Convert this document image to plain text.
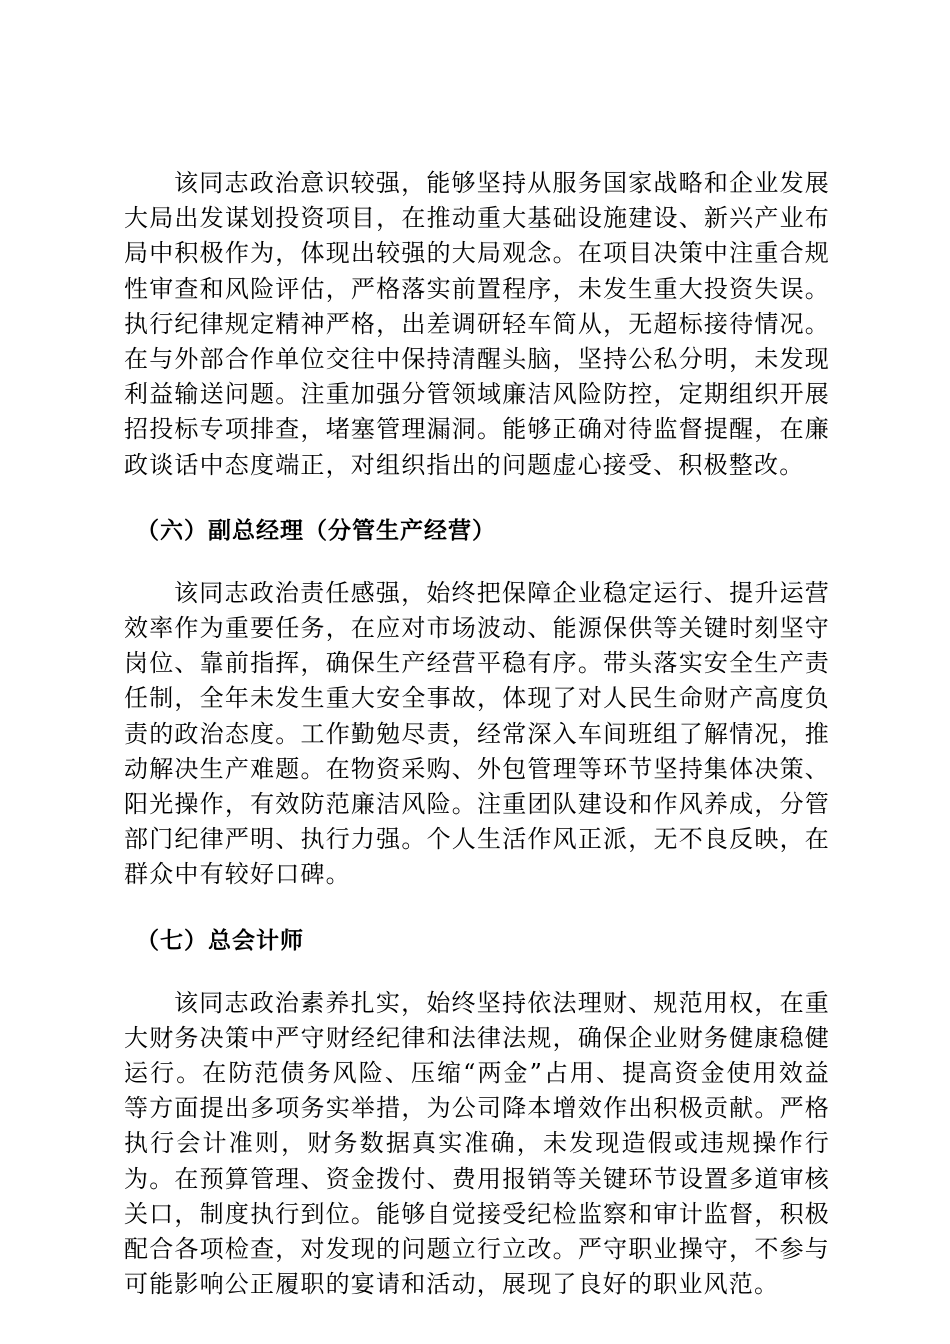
该同志政治意识较强，能够坚持从服务国家战略和企业发展大局出发谋划投资项目，在推动重大基础设施建设、新兴产业布局中积极作为，体现出较强的大局观念。在项目决策中注重合规性审查和风险评估，严格落实前置程序，未发生重大投资失误。执行纪律规定精神严格，出差调研轻车简从，无超标接待情况。在与外部合作单位交往中保持清醒头脑，坚持公私分明，未发现利益输送问题。注重加强分管领域廉洁风险防控，定期组织开展招投标专项排查，堵塞管理漏洞。能够正确对待监督提醒，在廉政谈话中态度端正，对组织指出的问题虚心接受、积极整改。

（六）副总经理（分管生产经营）

该同志政治责任感强，始终把保障企业稳定运行、提升运营效率作为重要任务，在应对市场波动、能源保供等关键时刻坚守岗位、靠前指挥，确保生产经营平稳有序。带头落实安全生产责任制，全年未发生重大安全事故，体现了对人民生命财产高度负责的政治态度。工作勤勉尽责，经常深入车间班组了解情况，推动解决生产难题。在物资采购、外包管理等环节坚持集体决策、阳光操作，有效防范廉洁风险。注重团队建设和作风养成，分管部门纪律严明、执行力强。个人生活作风正派，无不良反映，在群众中有较好口碑。

（七）总会计师

该同志政治素养扎实，始终坚持依法理财、规范用权，在重大财务决策中严守财经纪律和法律法规，确保企业财务健康稳健运行。在防范债务风险、压缩“两金”占用、提高资金使用效益等方面提出多项务实举措，为公司降本增效作出积极贡献。严格执行会计准则，财务数据真实准确，未发现造假或违规操作行为。在预算管理、资金拨付、费用报销等关键环节设置多道审核关口，制度执行到位。能够自觉接受纪检监察和审计监督，积极配合各项检查，对发现的问题立行立改。严守职业操守，不参与可能影响公正履职的宴请和活动，展现了良好的职业风范。
